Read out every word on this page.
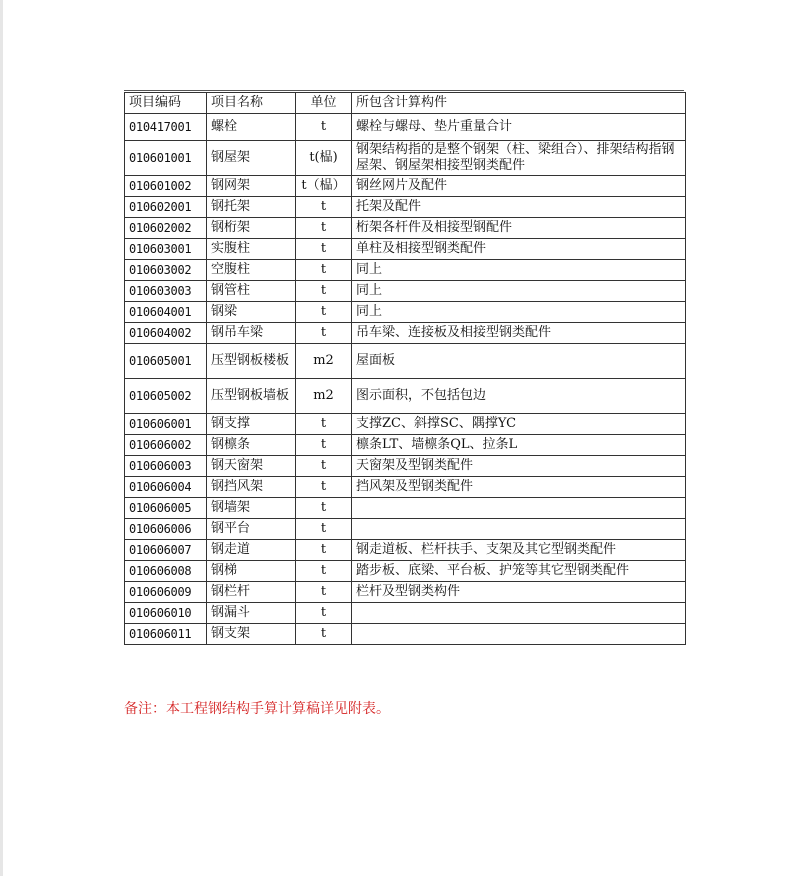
项目编码	项目名称	单位	所包含计算构件
010417001	螺栓	t	螺栓与螺母、垫片重量合计
010601001	钢屋架	t(榀)	钢架结构指的是整个钢架（柱、梁组合）、排架结构指钢屋架、钢屋架相接型钢类配件
010601002	钢网架	t（榀）	钢丝网片及配件
010602001	钢托架	t	托架及配件
010602002	钢桁架	t	桁架各杆件及相接型钢配件
010603001	实腹柱	t	单柱及相接型钢类配件
010603002	空腹柱	t	同上
010603003	钢管柱	t	同上
010604001	钢梁	t	同上
010604002	钢吊车梁	t	吊车梁、连接板及相接型钢类配件
010605001	压型钢板楼板	m2	屋面板
010605002	压型钢板墙板	m2	图示面积，不包括包边
010606001	钢支撑	t	支撑ZC、斜撑SC、隅撑YC
010606002	钢檩条	t	檩条LT、墙檩条QL、拉条L
010606003	钢天窗架	t	天窗架及型钢类配件
010606004	钢挡风架	t	挡风架及型钢类配件
010606005	钢墙架	t	
010606006	钢平台	t	
010606007	钢走道	t	钢走道板、栏杆扶手、支架及其它型钢类配件
010606008	钢梯	t	踏步板、底梁、平台板、护笼等其它型钢类配件
010606009	钢栏杆	t	栏杆及型钢类构件
010606010	钢漏斗	t	
010606011	钢支架	t	
备注：本工程钢结构手算计算稿详见附表。
